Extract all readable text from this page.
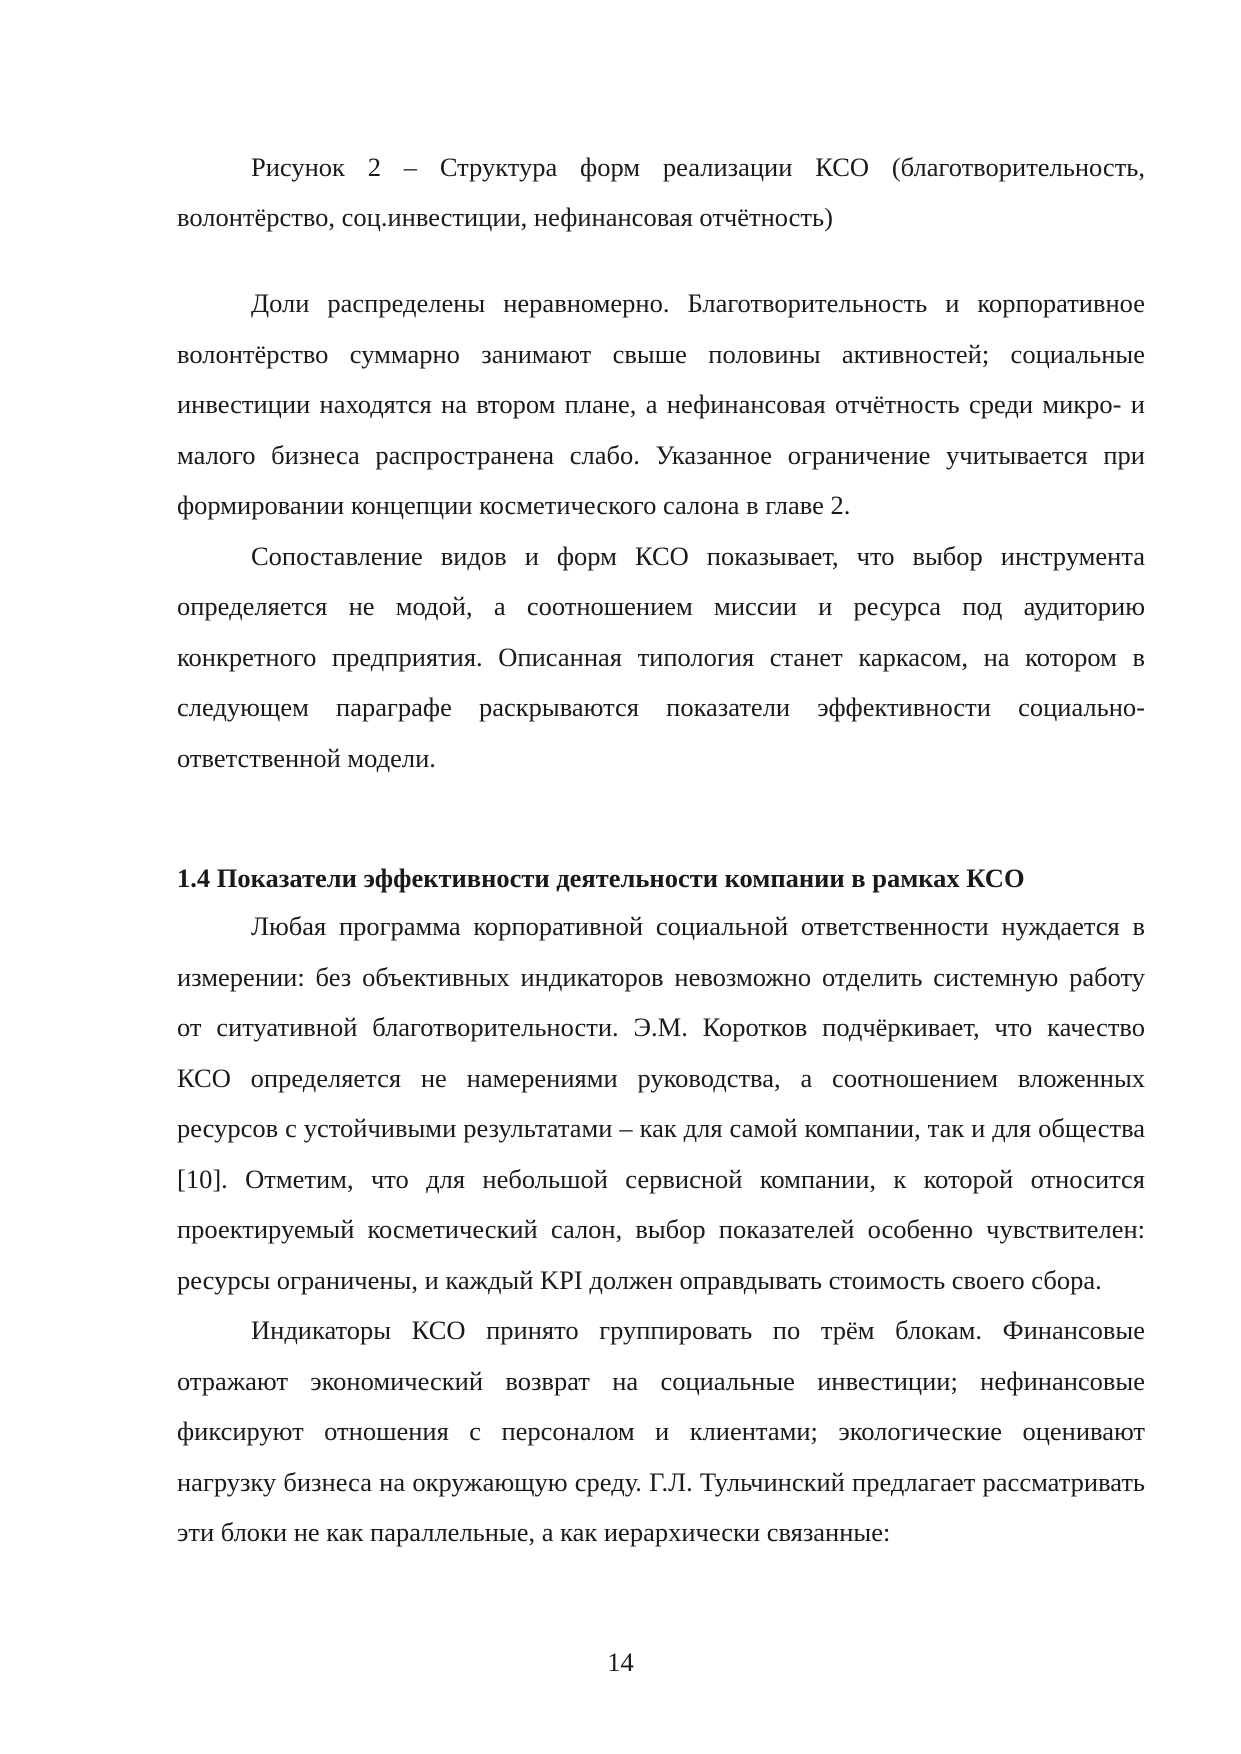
Рисунок 2 – Структура форм реализации КСО (благотворительность, волонтёрство, соц.инвестиции, нефинансовая отчётность)

Доли распределены неравномерно. Благотворительность и корпоративное волонтёрство суммарно занимают свыше половины активностей; социальные инвестиции находятся на втором плане, а нефинансовая отчётность среди микро- и малого бизнеса распространена слабо. Указанное ограничение учитывается при формировании концепции косметического салона в главе 2.

Сопоставление видов и форм КСО показывает, что выбор инструмента определяется не модой, а соотношением миссии и ресурса под аудиторию конкретного предприятия. Описанная типология станет каркасом, на котором в следующем параграфе раскрываются показатели эффективности социально-ответственной модели.

1.4 Показатели эффективности деятельности компании в рамках КСО

Любая программа корпоративной социальной ответственности нуждается в измерении: без объективных индикаторов невозможно отделить системную работу от ситуативной благотворительности. Э.М. Коротков подчёркивает, что качество КСО определяется не намерениями руководства, а соотношением вложенных ресурсов с устойчивыми результатами – как для самой компании, так и для общества [10]. Отметим, что для небольшой сервисной компании, к которой относится проектируемый косметический салон, выбор показателей особенно чувствителен: ресурсы ограничены, и каждый KPI должен оправдывать стоимость своего сбора.

Индикаторы КСО принято группировать по трём блокам. Финансовые отражают экономический возврат на социальные инвестиции; нефинансовые фиксируют отношения с персоналом и клиентами; экологические оценивают нагрузку бизнеса на окружающую среду. Г.Л. Тульчинский предлагает рассматривать эти блоки не как параллельные, а как иерархически связанные:

14
